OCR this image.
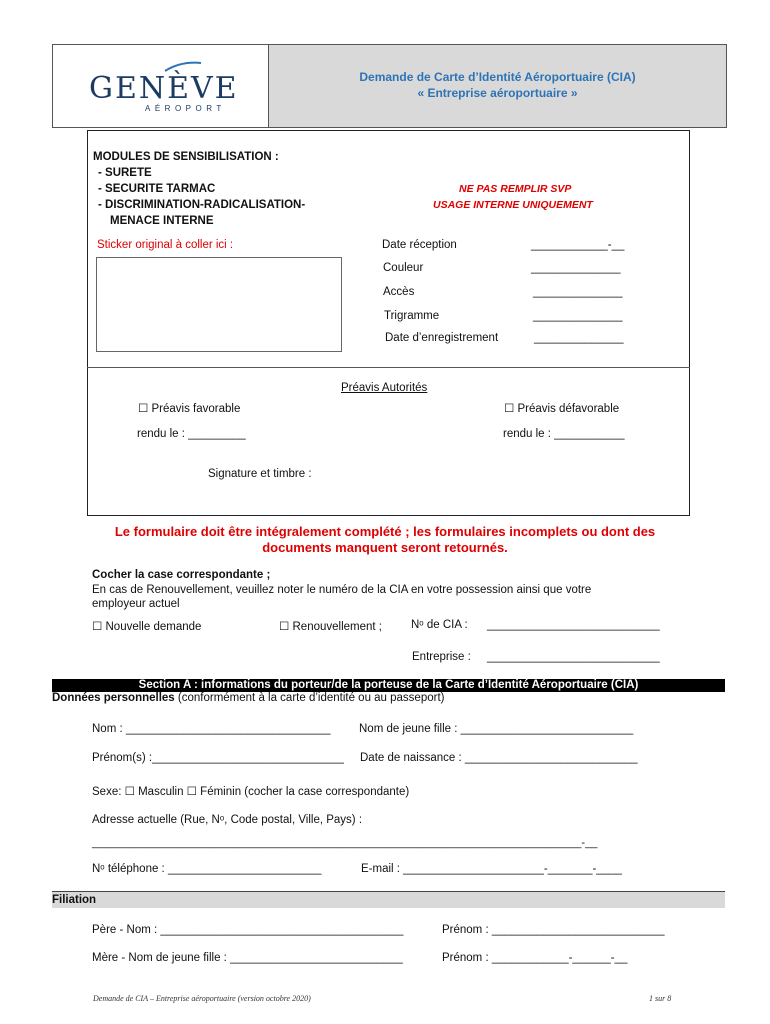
GENÈVE
AÉROPORT
Demande de Carte d’Identité Aéroportuaire (CIA)
« Entreprise aéroportuaire »
MODULES DE SENSIBILISATION :
- SURETE
- SECURITE TARMAC
- DISCRIMINATION-RADICALISATION-
MENACE INTERNE
NE PAS REMPLIR SVP
USAGE INTERNE UNIQUEMENT
Sticker original à coller ici :	Date réception	____________-__
Couleur	______________
Accès	______________
Trigramme	______________
Date d’enregistrement	______________
Préavis Autorités
☐ Préavis favorable	☐ Préavis défavorable
rendu le : _________	rendu le : ___________
Signature et timbre :
Le formulaire doit être intégralement complété ; les formulaires incomplets ou dont des
documents manquent seront retournés.
Cocher la case correspondante ;
En cas de Renouvellement, veuillez noter le numéro de la CIA en votre possession ainsi que votre
employeur actuel
☐ Nouvelle demande	☐ Renouvellement ;	Nᵒ de CIA : ___________________________
Entreprise : ___________________________
Section A : informations du porteur/de la porteuse de la Carte d’Identité Aéroportuaire (CIA)
Données personnelles (conformément à la carte d’identité ou au passeport)
Nom : ________________________________ Nom de jeune fille : ___________________________
Prénom(s) :______________________________ Date de naissance : ___________________________
Sexe: ☐ Masculin ☐ Féminin (cocher la case correspondante)
Adresse actuelle (Rue, Nᵒ, Code postal, Ville, Pays) :
________________________________________________________________________________-__
Nᵒ téléphone : ________________________	E-mail : ______________________-_______-____
Filiation
Père - Nom : ______________________________________	Prénom : ___________________________
Mère - Nom de jeune fille : ___________________________	Prénom : ____________-______-__
Demande de CIA – Entreprise aéroportuaire (version octobre 2020)	1 sur 8
